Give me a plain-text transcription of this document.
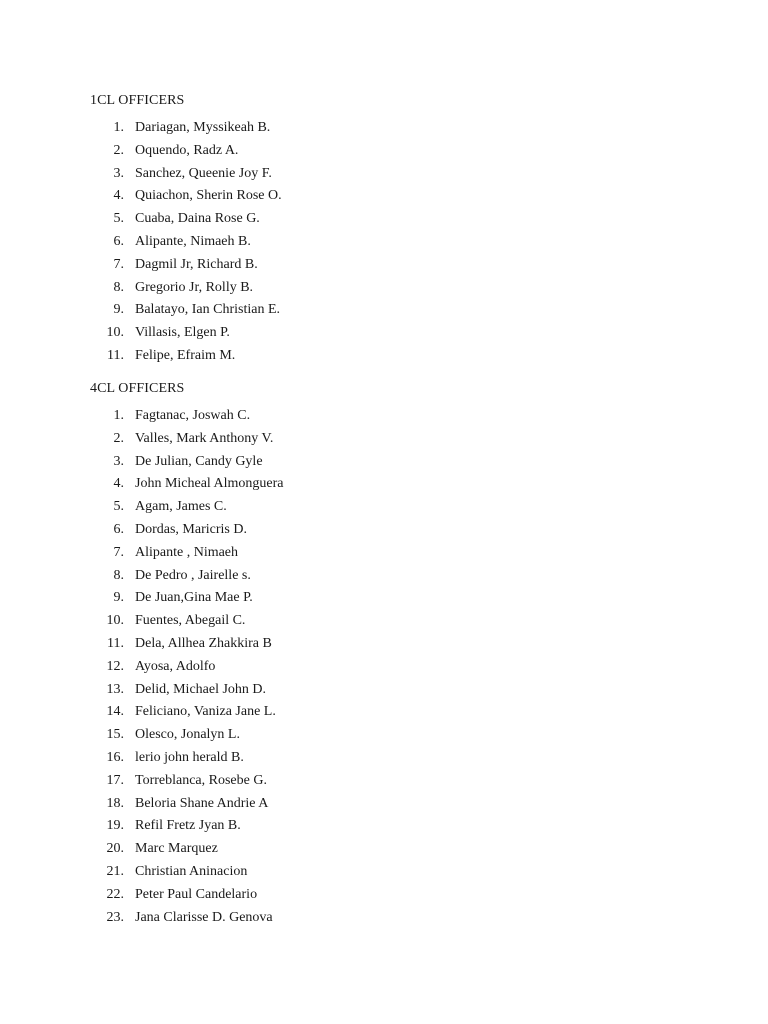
1CL OFFICERS
1. Dariagan, Myssikeah B.
2. Oquendo, Radz A.
3. Sanchez, Queenie Joy F.
4. Quiachon, Sherin Rose O.
5. Cuaba, Daina Rose G.
6. Alipante, Nimaeh B.
7. Dagmil Jr, Richard B.
8. Gregorio Jr, Rolly B.
9. Balatayo, Ian Christian E.
10. Villasis, Elgen P.
11. Felipe, Efraim M.
4CL OFFICERS
1. Fagtanac, Joswah C.
2. Valles, Mark Anthony V.
3. De Julian, Candy Gyle
4. John Micheal Almonguera
5. Agam, James C.
6. Dordas, Maricris D.
7. Alipante , Nimaeh
8. De Pedro , Jairelle s.
9. De Juan,Gina Mae P.
10. Fuentes, Abegail C.
11. Dela, Allhea Zhakkira B
12. Ayosa, Adolfo
13. Delid, Michael John D.
14. Feliciano, Vaniza Jane L.
15. Olesco, Jonalyn L.
16. lerio john herald B.
17. Torreblanca, Rosebe G.
18. Beloria Shane Andrie A
19. Refil Fretz Jyan B.
20. Marc Marquez
21. Christian Aninacion
22. Peter Paul Candelario
23. Jana Clarisse D. Genova
